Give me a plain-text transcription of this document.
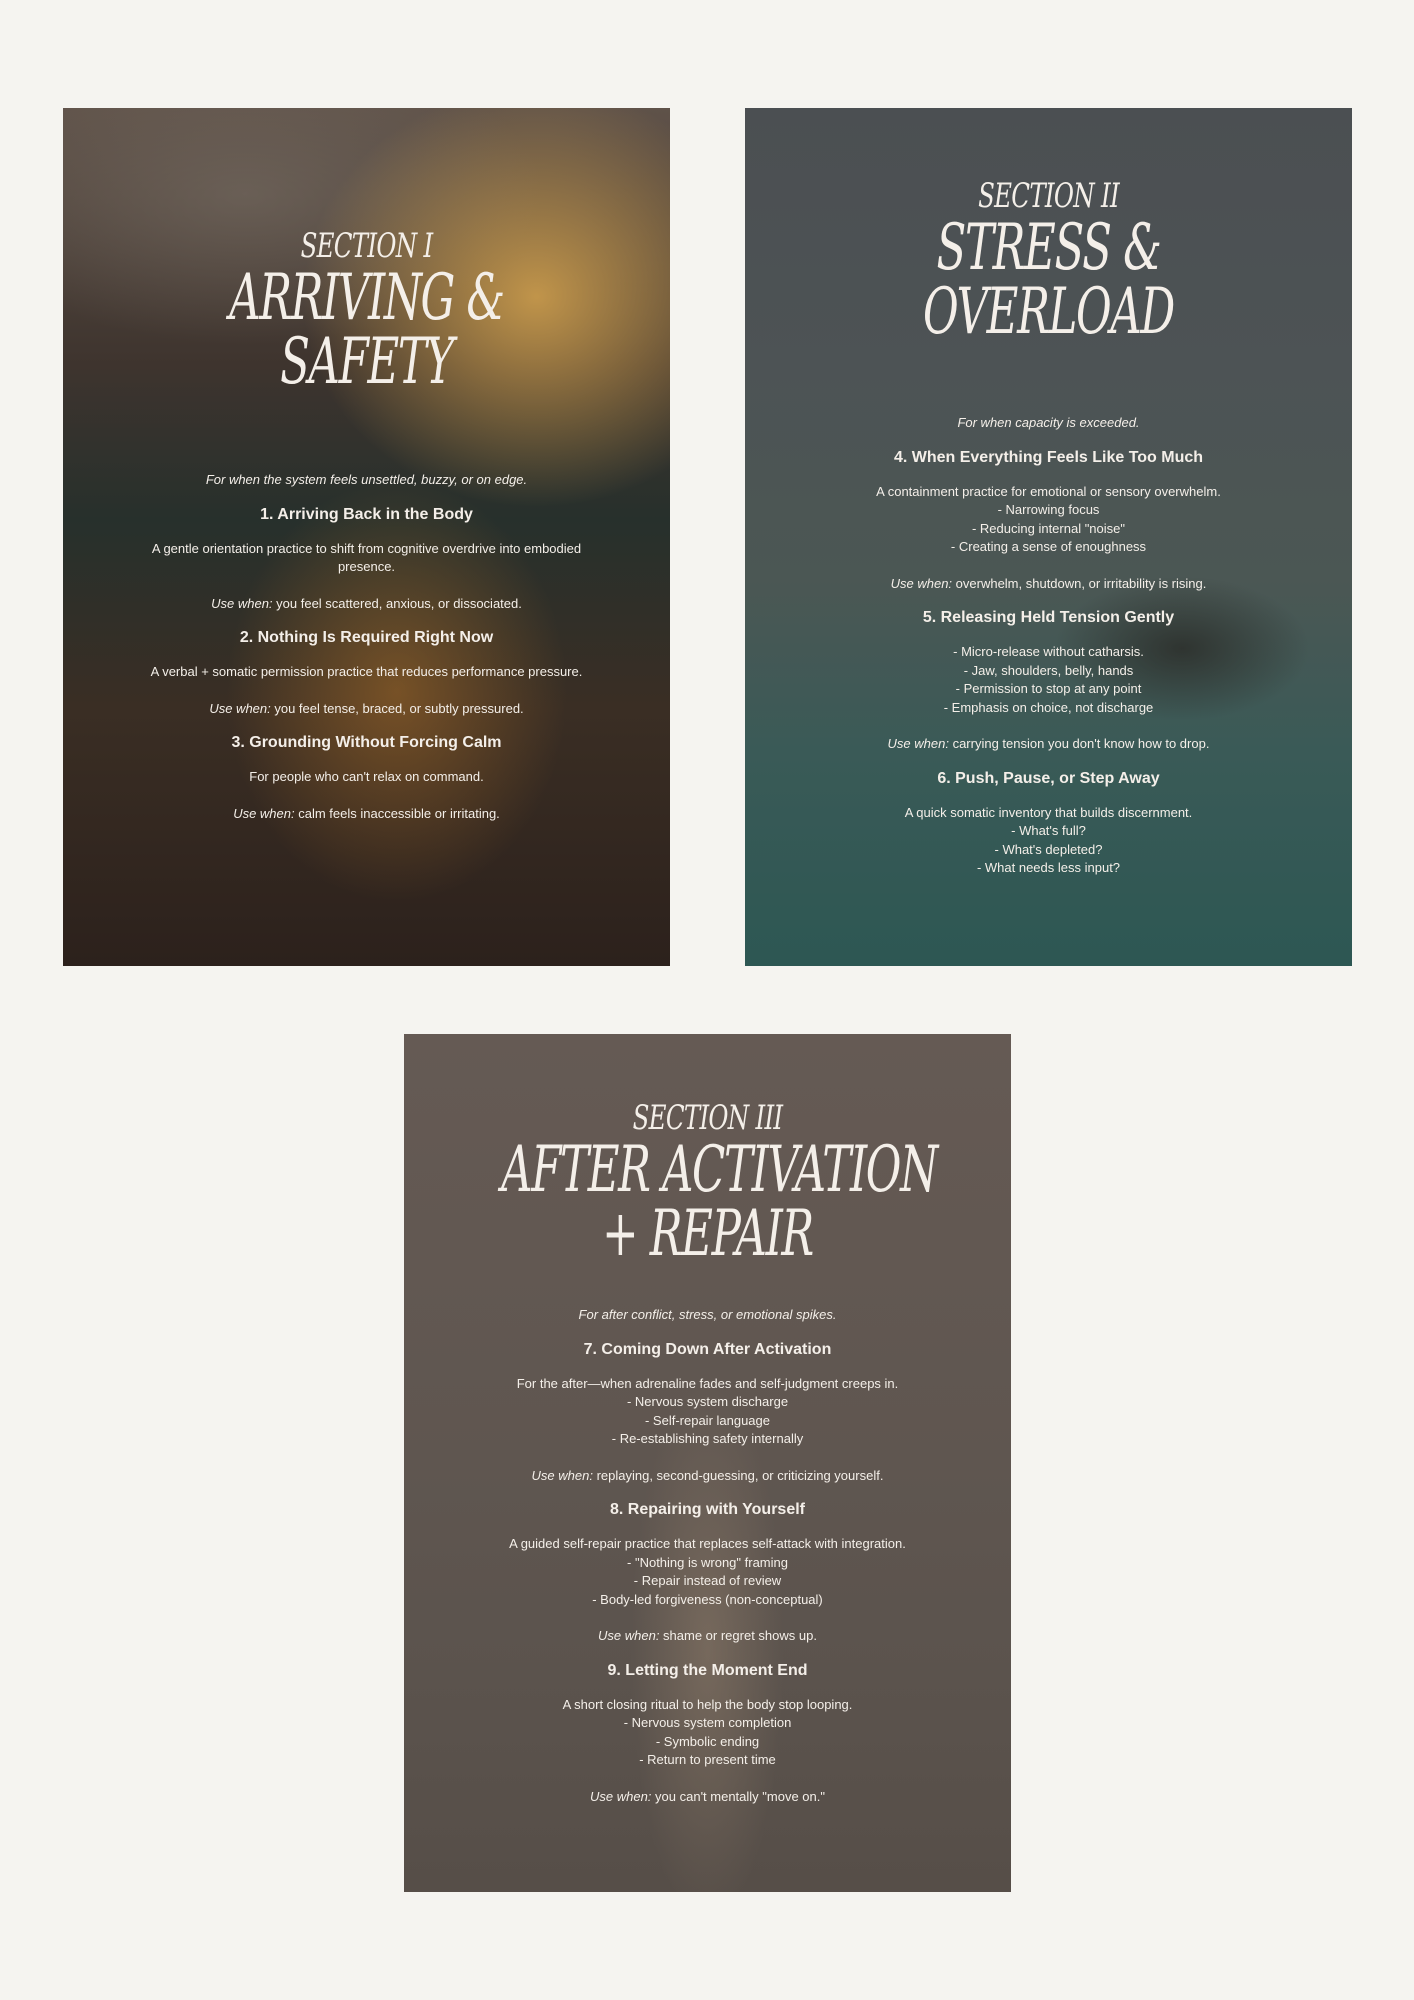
SECTION I

ARRIVING &

SAFETY

For when the system feels unsettled, buzzy, or on edge.

1. Arriving Back in the Body

A gentle orientation practice to shift from cognitive overdrive into embodied presence.

Use when: you feel scattered, anxious, or dissociated.

2. Nothing Is Required Right Now

A verbal + somatic permission practice that reduces performance pressure.

Use when: you feel tense, braced, or subtly pressured.

3. Grounding Without Forcing Calm

For people who can't relax on command.

Use when: calm feels inaccessible or irritating.

SECTION II

STRESS &

OVERLOAD

For when capacity is exceeded.

4. When Everything Feels Like Too Much

A containment practice for emotional or sensory overwhelm.
- Narrowing focus
- Reducing internal "noise"
- Creating a sense of enoughness

Use when: overwhelm, shutdown, or irritability is rising.

5. Releasing Held Tension Gently

- Micro-release without catharsis.
- Jaw, shoulders, belly, hands
- Permission to stop at any point
- Emphasis on choice, not discharge

Use when: carrying tension you don't know how to drop.

6. Push, Pause, or Step Away

A quick somatic inventory that builds discernment.
- What's full?
- What's depleted?
- What needs less input?

SECTION III

AFTER ACTIVATION

+ REPAIR

For after conflict, stress, or emotional spikes.

7. Coming Down After Activation

For the after—when adrenaline fades and self-judgment creeps in.
- Nervous system discharge
- Self-repair language
- Re-establishing safety internally

Use when: replaying, second-guessing, or criticizing yourself.

8. Repairing with Yourself

A guided self-repair practice that replaces self-attack with integration.
- "Nothing is wrong" framing
- Repair instead of review
- Body-led forgiveness (non-conceptual)

Use when: shame or regret shows up.

9. Letting the Moment End

A short closing ritual to help the body stop looping.
- Nervous system completion
- Symbolic ending
- Return to present time

Use when: you can't mentally "move on."
